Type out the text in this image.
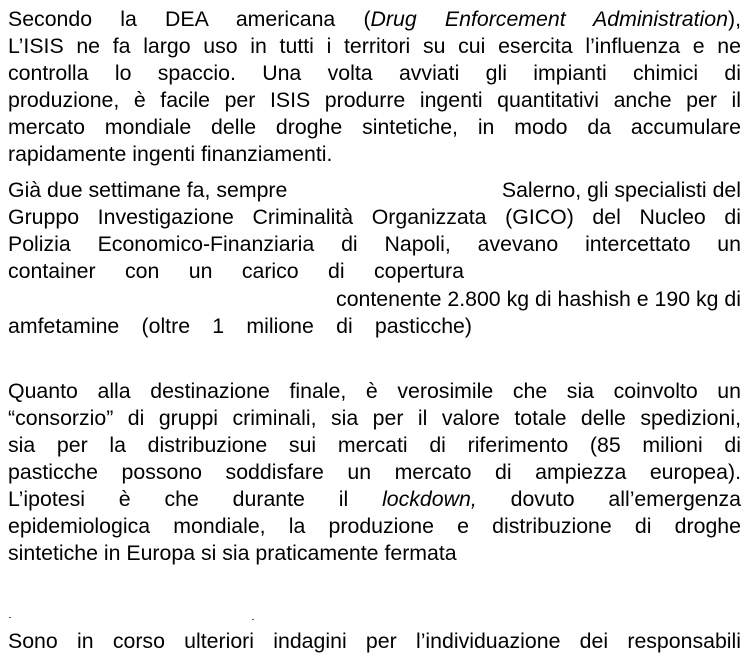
Secondo la DEA americana (Drug Enforcement Administration),

L’ISIS ne fa largo uso in tutti i territori su cui esercita l’influenza e ne

controlla lo spaccio. Una volta avviati gli impianti chimici di

produzione, è facile per ISIS produrre ingenti quantitativi anche per il

mercato mondiale delle droghe sintetiche, in modo da accumulare

rapidamente ingenti finanziamenti.

Già due settimane fa, sempre	Salerno, gli specialisti del

Gruppo Investigazione Criminalità Organizzata (GICO) del Nucleo di

Polizia Economico-Finanziaria di Napoli, avevano intercettato un

container con un carico di copertura

contenente 2.800 kg di hashish e 190 kg di

amfetamine (oltre 1 milione di pasticche)

Quanto alla destinazione finale, è verosimile che sia coinvolto un

“consorzio” di gruppi criminali, sia per il valore totale delle spedizioni,

sia per la distribuzione sui mercati di riferimento (85 milioni di

pasticche possono soddisfare un mercato di ampiezza europea).

L’ipotesi è che durante il lockdown, dovuto all’emergenza

epidemiologica mondiale, la produzione e distribuzione di droghe

sintetiche in Europa si sia praticamente fermata

Sono in corso ulteriori indagini per l’individuazione dei responsabili
